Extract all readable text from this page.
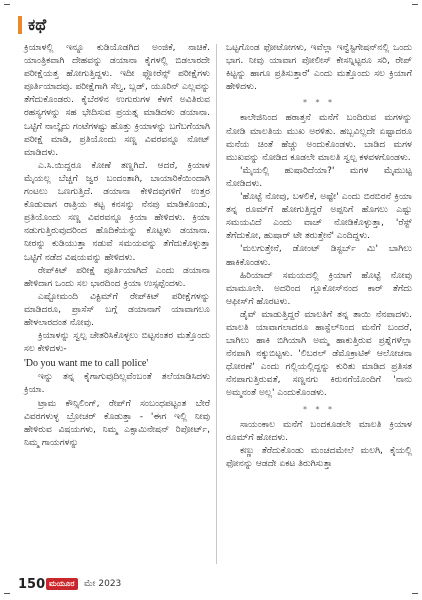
ಕಥೆ

ಕ್ರಿಯಾಳಲ್ಲಿ ಇನ್ನೂ ಕುಡಿಯೊಡಗಿದ ಅಂಜಿಕೆ, ನಾಚಿಕೆ. ಯಾಂತ್ರಿಕವಾಗಿ ದೇಹವನ್ನು ಡಯಾನಾ ಕೈಗಳಲ್ಲಿ ಬಿಡಲಾರದೇ ಪರೀಕ್ಷೆಯತ್ತ ಹೋಗುತ್ತಿದ್ದಳು. ಇದೀ ಫ್ಲೋರೆನ್ಸ್ ಪರೀಕ್ಷೆಗಳು ಪೂರ್ತಿಯಾದವು. ಪರೀಕ್ಷೆಗಾಗಿ ಸೆಲ್ವ, ಬ್ಲಡ್, ಯೂರಿನ್ ಎಲ್ಲವನ್ನು ತೆಗೆದುಕೊಂಡರು. ಕೈಬೆರಳಿನ ಉಗುರುಗಳ ಕೆಳಗೆ ಅವಿತಿರುವ ರಹಸ್ಯಗಳನ್ನು ಸಹ ಭೇದಿಸುವ ಪ್ರಯತ್ನ ಮಾಡಿದಳು ಡಯಾನಾ. ಒಟ್ಟಿಗೆ ನಾಲ್ಕೈದು ಗಂಟೆಗಳಷ್ಟು ಹೊತ್ತು ಕ್ರಿಯಾಳನ್ನು ಬಗೆಬಗೆಯಾಗಿ ಪರೀಕ್ಷೆ ಮಾಡಿ, ಪ್ರತಿಯೊಂದು ಸಣ್ಣ ವಿವರವನ್ನೂ ನೋಟ್ ಮಾಡಿದಳು.

ಎ.ಸಿ.ಯಿದ್ದರೂ ಕೋಣೆ ತಣ್ಣಗಿದೆ. ಆದರೆ, ಕ್ರಿಯಾಳ ಮೈಯಲ್ಲ ಬೆಚ್ಚಗೆ ಜ್ವರ ಬಂದಂತಾಗಿ, ಬಾಯಾರಿಕೆಯಿಂದಾಗಿ ಗಂಟಲು ಒಣಗುತ್ತಿದೆ. ಡಯಾನಾ ಕೇಳಿದವುಗಳಿಗೆ ಉತ್ತರ ಕೊಡುವಾಗ ರಾತ್ರಿಯ ಕಟ್ಟ ಕನಸನ್ನು ನೆನಪು ಮಾಡಿಕೊಂಡು, ಪ್ರತಿಯೊಂದು ಸಣ್ಣ ವಿವರವನ್ನೂ ಕ್ರಿಯಾ ಹೇಳಿದಳು. ಕ್ರಿಯಾ ನಡುಗುತ್ತಿರುವುದರಿಂದ ಹೊದಿಕೆಯನ್ನು ಕೊಟ್ಟಳು ಡಯಾನಾ. ನೀರನ್ನು ಕುಡಿಯುತ್ತಾ ನಡುವೆ ಸಮಯವನ್ನು ತೆಗೆದುಕೊಳ್ಳುತ್ತಾ ಒಟ್ಟಿಗೆ ನಡೆದ ವಿಷಯವನ್ನು ಹೇಳಿದಳು.

ರೇಪ್‌ಕಿಟ್ ಪರೀಕ್ಷೆ ಪೂರ್ತಿಯಾಗಿದೆ ಎಂದು ಡಯಾನಾ ಹೇಳಿದಾಗ ಒಂದು ಸಲ ಭಾರದಿಂದ ಕ್ರಿಯಾ ಉಸ್ಸಪ್ಪೆಂದಳು.

ಎಷ್ಟೋಮಂದಿ ವಿಕ್ಟಿಮ್‌ಗೆ ರೇಪ್‌ಕಿಟ್ ಪರೀಕ್ಷೆಗಳನ್ನು ಮಾಡಿದರೂ, ಪ್ರಾಸೆಸ್ ಬಗ್ಗೆ ಡಯಾನಾಗೆ ಯಾವಾಗಲೂ ಹೇಳಲಾರದಂತ ನೋವು.

ಕ್ರಿಯಾಳನ್ನು ಸ್ವಲ್ಪ ಚೇತರಿಸಿಕೊಳ್ಳಲು ಬಿಟ್ಟನಂತರ ಮತ್ತೊಂದು ಸಲ ಕೇಳಿದಳು-

'Do you want me to call police'

ಇನ್ನು ತನ್ನ ಕೈಗಾಗುವುದಿಲ್ಲವೆಂಬಂತೆ ತಲೆಯಾಡಿಸಿದಳು ಕ್ರಿಯಾ.

ಟ್ರಾಮ ಕೌನ್ಸಿಲಿಂಗ್, ರೇಪ್‌ಗೆ ಸಂಬಂಧಪಟ್ಟಂತ ಬೇರೆ ವಿವರಗಳುಳ್ಳ ಬ್ರೋಚರ್ ಕೊಡುತ್ತಾ - 'ಈಗ ಇಲ್ಲಿ ನೀವು ಹೇಳಿರುವ ವಿಷಯಗಳು, ನಿಮ್ಮ ಎಕ್ಸಾಮಿನೇಷನ್ ರಿಪೋರ್ಟ್, ನಿಮ್ಮ ಗಾಯಗಳನ್ನು

ಒಟ್ಟಗೊಂಡ ಫೋಟೋಗಳು, ಇವೆಲ್ಲಾ ಇನ್ವೆಸ್ಟಿಗೇಷನ್‌ನಲ್ಲಿ ಒಂದು ಭಾಗ. ನೀವು ಯಾವಾಗ ಪೋಲೀಸ್ ಕೇಸನ್ನಿಟ್ಟರೂ ಸರಿ, ರೇಪ್ ಕಿಟ್ಟನ್ನು ಹಾಗೂ ಪ್ರತಿಸುತ್ತಾರೆ' ಎಂದು ಮತ್ತೊಂದು ಸಲ ಕ್ರಿಯಾಗೆ ಹೇಳಿದಳು.

* * *

ಕಾಲೇಜಿನಿಂದ ಹಠಾತ್ತನೆ ಮನೆಗೆ ಬಂದಿರುವ ಮಗಳನ್ನು ನೋಡಿ ಮಾಲತಿಯ ಮುಖ ಅರಳಿತು. ಹಬ್ಬವಿಲ್ಲದೇ ಏಷ್ಟಾದರೂ ಮನೆಯ ಚಿಂತೆ ಹೆಚ್ಚು ಅಂದುಕೊಂಡಳು. ಬಾಡಿದ ಮಗಳ ಮುಖವನ್ನು ನೋಡಿದ ಕೂಡಲೇ ಮಾಲತಿ ಸ್ವಲ್ಪ ಕಳವಳಗೊಂಡಳು.

'ಮೈಯಲ್ಲಿ ಹುಷಾರಿದೆಯಾ?' ಮಗಳ ಮೈಮುಟ್ಟ ನೋಡಿದಳು.

'ಹೊಟ್ಟೆ ನೋವು, ಬಳಲಿಕೆ, ಅಷ್ಟೇ' ಎಂದು ಬಿರಬಿರನೆ ಕ್ರಿಯಾ ತನ್ನ ರೂಮ್‌ಗೆ ಹೋಗುತ್ತಿದ್ದರೆ ಅಪ್ಪನಿಗೆ ಹೊಗಲು ಎಷ್ಟು ಸಮಯವಿದೆ ಎಂದು ವಾಚ್ ನೋಡಿಕೊಳ್ಳುತ್ತಾ, 'ರೆಸ್ಟ್ ತೆಗೆದುಕೋ, ಹುಷಾರ್‌ ಟೇ ತರುತ್ತೇನೆ' ಎಂದಿದ್ದಳು.

'ಮಲಗುತ್ತೇನೆ, ಡೋಂಟ್ ಡಿಸ್ಟರ್ಬ್ ಮಿ' ಬಾಗಿಲು ಹಾಕಿಕೊಂಡಳು.

ಹಿರಿಯಾದ್ ಸಮಯದಲ್ಲಿ ಕ್ರಿಯಾಗೆ ಹೊಟ್ಟೆ ನೋವು ಮಾಮೂಲೇ. ಅದರಿಂದ ಗ್ಲೂಕೋಸ್‌ನಂದ ಕಾರ್ ತೆಗೆದು ಆಫೀಸ್‌ಗೆ ಹೊರಟಳು.

ಡೈವ್ ಮಾಡುತ್ತಿದ್ದರೆ ಮಾಲತಿಗೆ ತನ್ನ ತಾಯಿ ನೆನಪಾದಳು. ಮಾಲತಿ ಯಾವಾಗಲಾದರೂ ಹಾಸ್ಟೆಲ್‌ನಿಂದ ಮನೆಗೆ ಬಂದರೆ, ಬಾಗಿಲು ಹಾಕಿ ಬಿಗಿಯಾಗಿ ಅಮ್ಮ ಹಾಕುತ್ತಿರುವ ಪ್ರಶ್ನೆಗಳೆಲ್ಲಾ ನೆನಪಾಗಿ ನಕ್ಕುಬಿಟ್ಟಳು. 'ಲಿಬರಲ್ ಡೆಮೊಕ್ರಾಟಿಕ್ ಆಲೋಚನಾ ಧೋರಣೆ' ಎಂದು ಗಲ್ಲಿಯಲ್ಲಿದ್ದನ್ನು ಕುರಿತು ಮಾಡಿದ ಪ್ರತಿಸತ ನೆನಪಾಗುತ್ತಿರುವತೆ, ಸಣ್ಣನಗು ಕಿರುನಗೆಯೊಂದಿಗೆ 'ನಾನು ಅಮ್ಮನಂತೆ ಅಲ್ಲ' ಎಂದುಕೊಂಡಳು.

* * *

ಸಾಯಂಕಾಲ ಮನೆಗೆ ಬಂದಕೂಡಲೇ ಮಾಲತಿ ಕ್ರಿಯಾಳ ರೂಮ್‌ಗೆ ಹೋದಳು.

ಕಣ್ಣು ತೆರೆದುಕೊಂಡು ಮಂಚದಮೇಲೆ ಮಲಗಿ, ಕೈಯಲ್ಲಿ ಫೋನನ್ನು ಆಡದೇ ಏಕಟ ತಿರುಗಿಸುತ್ತಾ

150 ಮಯೂರ	ಮೇ 2023
